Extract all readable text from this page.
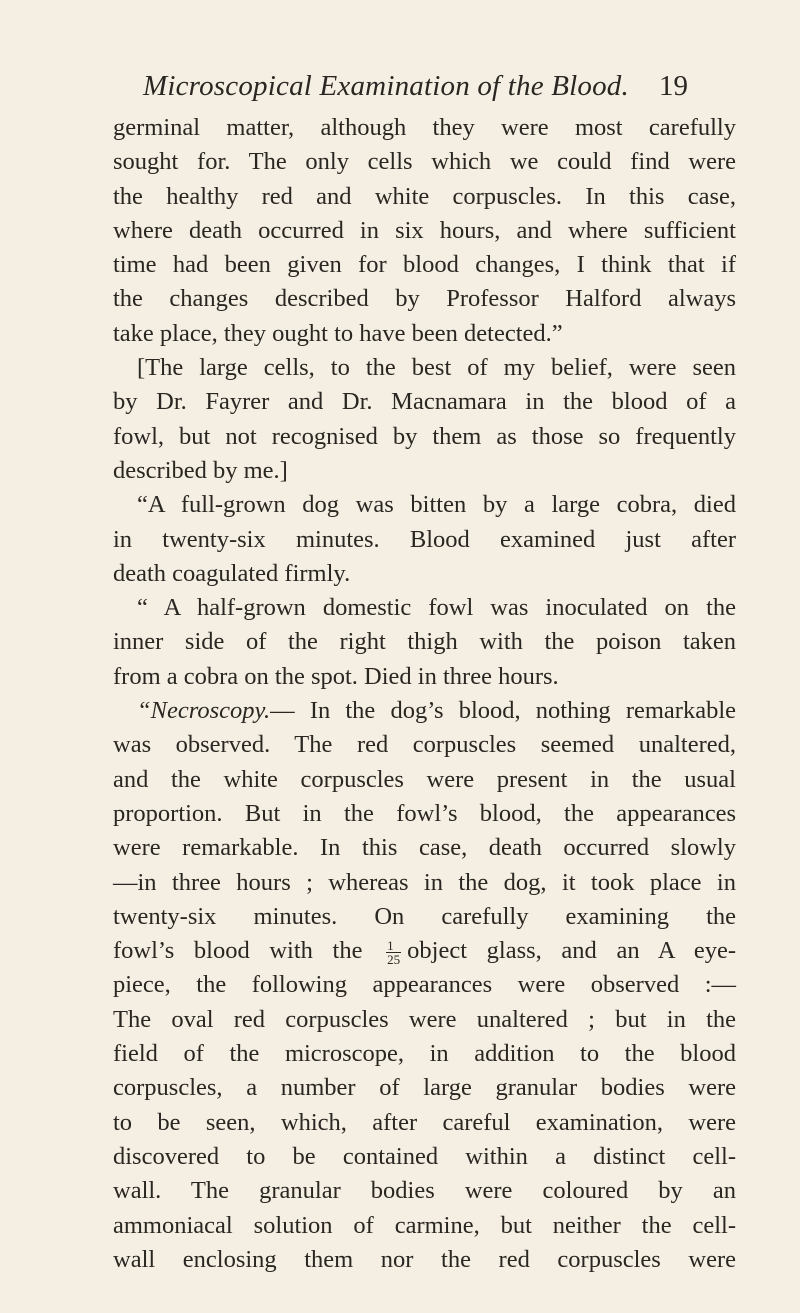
Microscopical Examination of the Blood. 19
germinal matter, although they were most carefully
sought for. The only cells which we could find were
the healthy red and white corpuscles. In this case,
where death occurred in six hours, and where sufficient
time had been given for blood changes, I think that if
the changes described by Professor Halford always
take place, they ought to have been detected.”
[The large cells, to the best of my belief, were seen
by Dr. Fayrer and Dr. Macnamara in the blood of a
fowl, but not recognised by them as those so frequently
described by me.]
“A full-grown dog was bitten by a large cobra, died
in twenty-six minutes. Blood examined just after
death coagulated firmly.
“ A half-grown domestic fowl was inoculated on the
inner side of the right thigh with the poison taken
from a cobra on the spot. Died in three hours.
“Necroscopy.— In the dog’s blood, nothing remarkable
was observed. The red corpuscles seemed unaltered,
and the white corpuscles were present in the usual
proportion. But in the fowl’s blood, the appearances
were remarkable. In this case, death occurred slowly
—in three hours ; whereas in the dog, it took place in
twenty-six minutes. On carefully examining the
fowl’s blood with the $\frac{1}{25}$ object glass, and an A eye-
piece, the following appearances were observed :—
The oval red corpuscles were unaltered ; but in the
field of the microscope, in addition to the blood
corpuscles, a number of large granular bodies were
to be seen, which, after careful examination, were
discovered to be contained within a distinct cell-
wall. The granular bodies were coloured by an
ammoniacal solution of carmine, but neither the cell-
wall enclosing them nor the red corpuscles were
